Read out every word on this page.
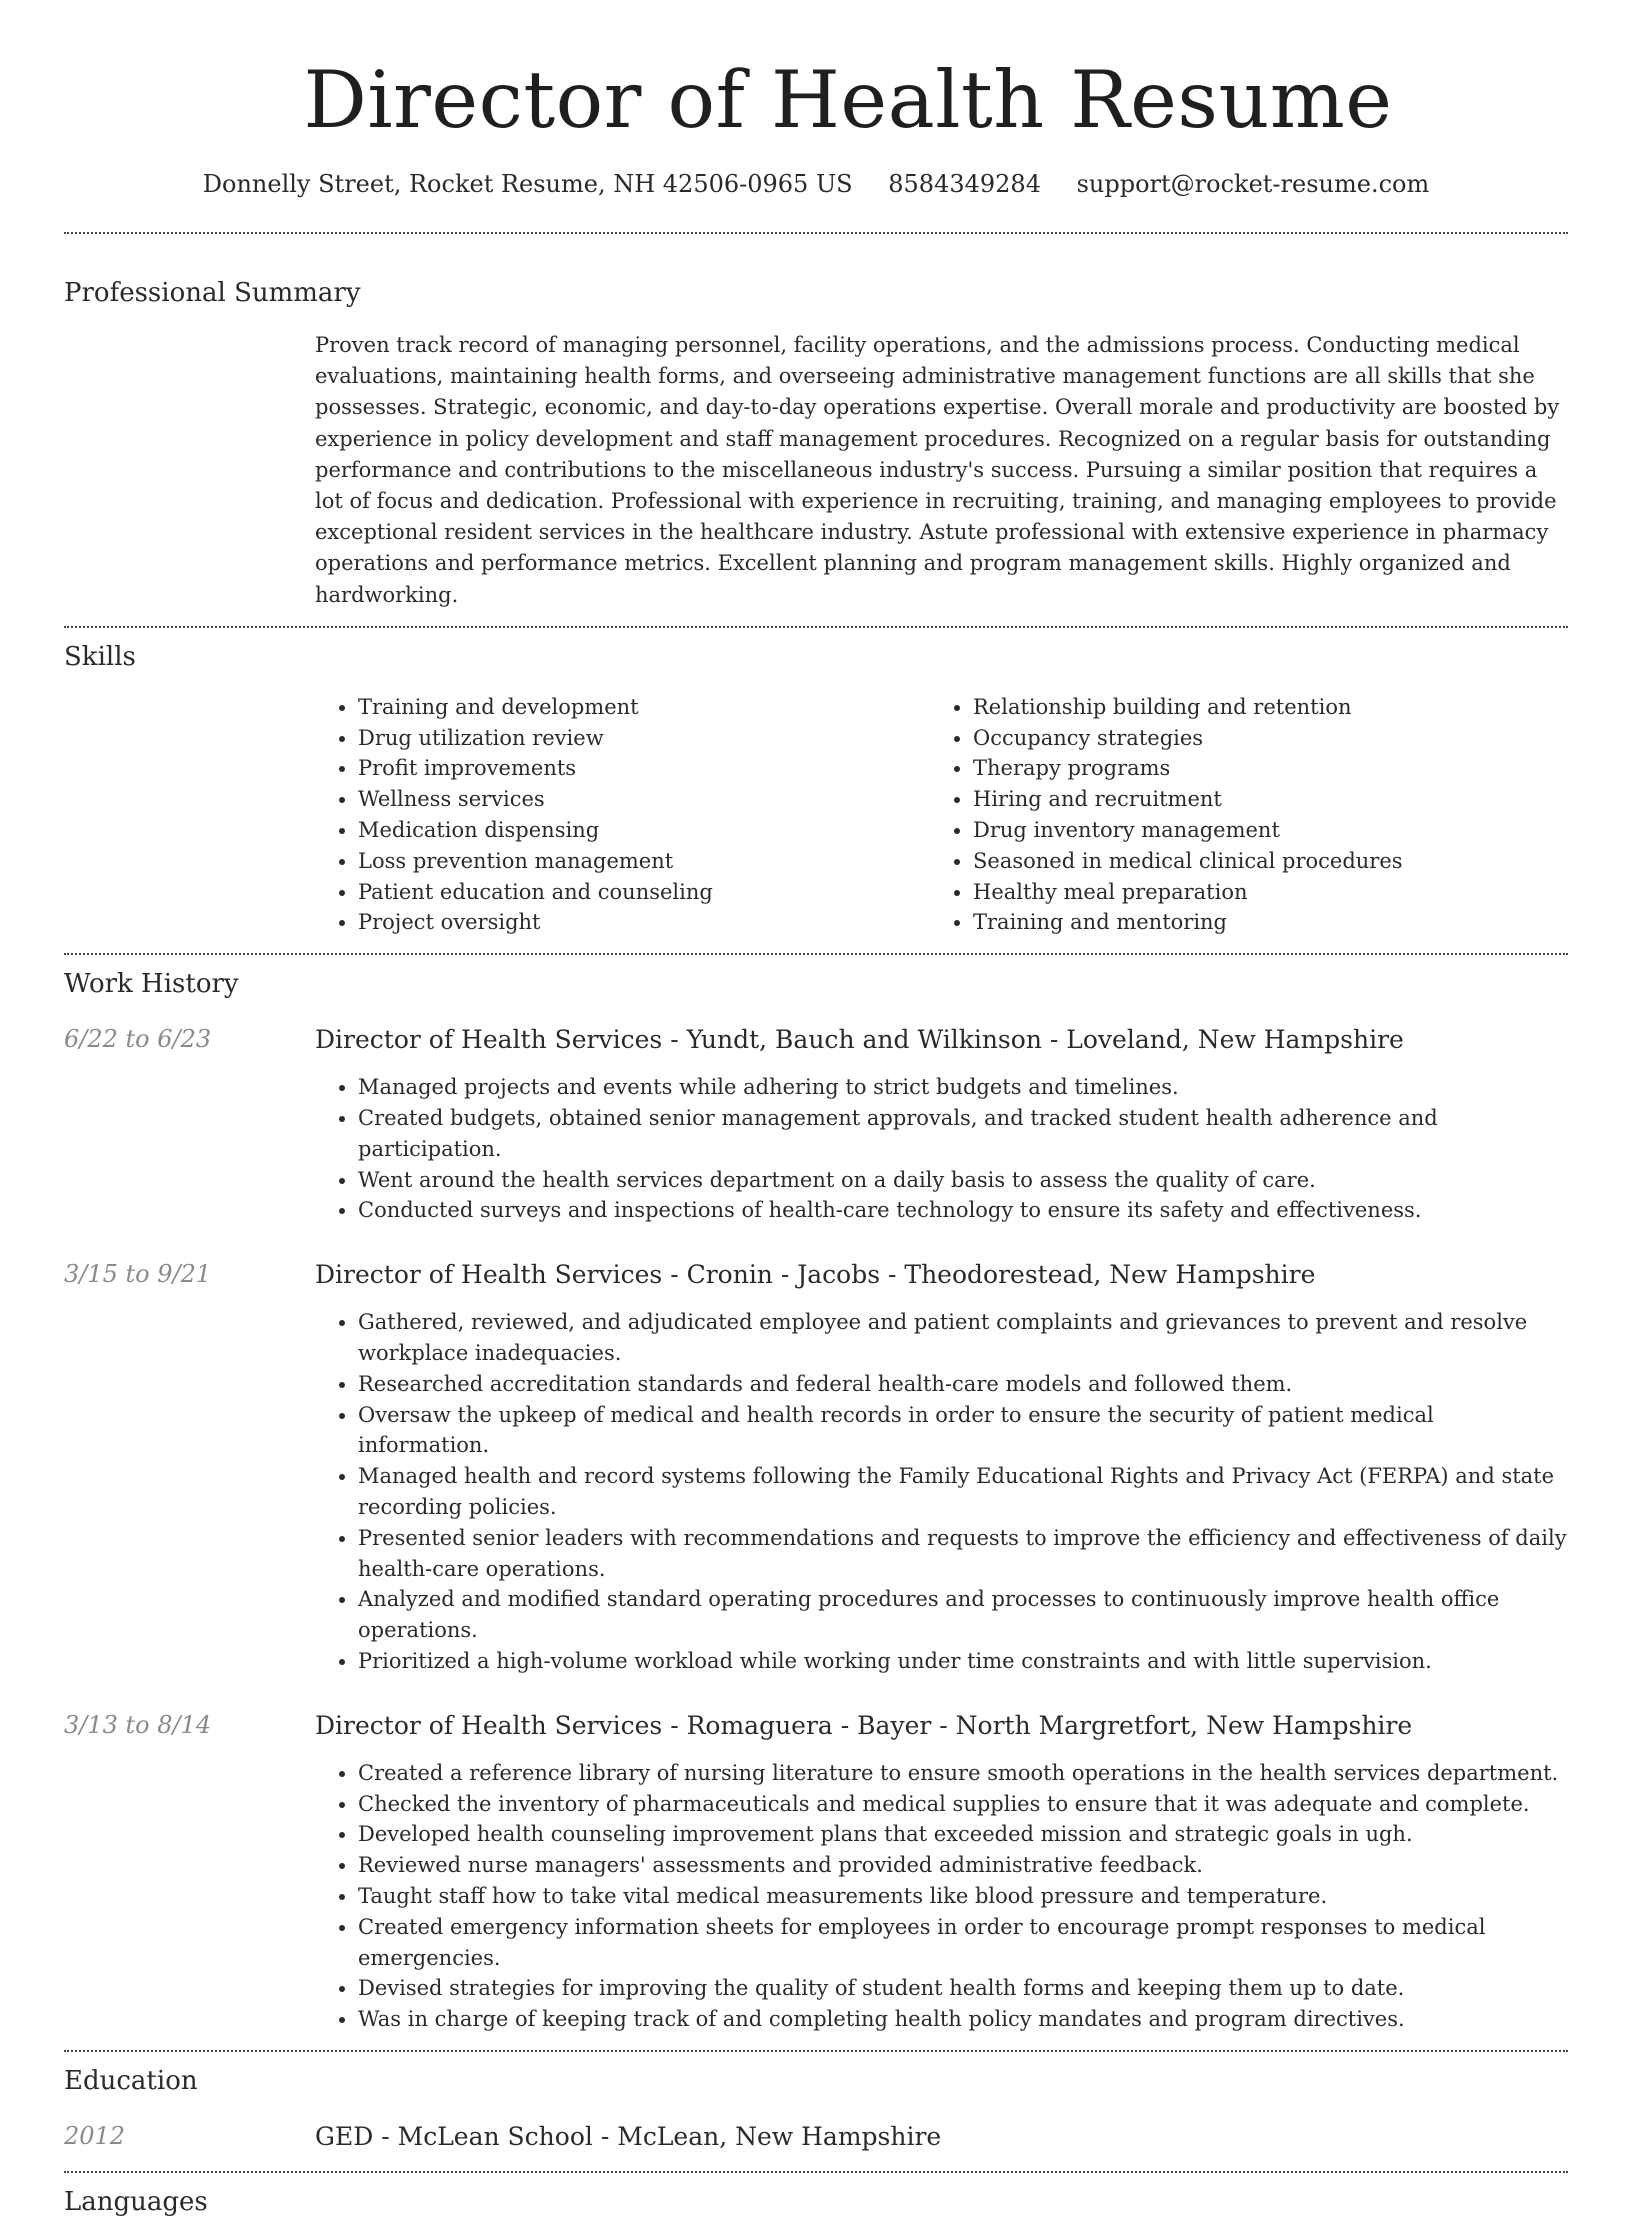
Director of Health Resume
Donnelly Street, Rocket Resume, NH 42506-0965 US 8584349284 support@rocket-resume.com
Professional Summary

Proven track record of managing personnel, facility operations, and the admissions process. Conducting medical evaluations, maintaining health forms, and overseeing administrative management functions are all skills that she possesses. Strategic, economic, and day-to-day operations expertise. Overall morale and productivity are boosted by experience in policy development and staff management procedures. Recognized on a regular basis for outstanding performance and contributions to the miscellaneous industry's success. Pursuing a similar position that requires a lot of focus and dedication. Professional with experience in recruiting, training, and managing employees to provide exceptional resident services in the healthcare industry. Astute professional with extensive experience in pharmacy operations and performance metrics. Excellent planning and program management skills. Highly organized and hardworking.

Skills
• Training and development
• Drug utilization review
• Profit improvements
• Wellness services
• Medication dispensing
• Loss prevention management
• Patient education and counseling
• Project oversight
• Relationship building and retention
• Occupancy strategies
• Therapy programs
• Hiring and recruitment
• Drug inventory management
• Seasoned in medical clinical procedures
• Healthy meal preparation
• Training and mentoring
Work History
6/22 to 6/23	Director of Health Services - Yundt, Bauch and Wilkinson - Loveland, New Hampshire
• Managed projects and events while adhering to strict budgets and timelines.
• Created budgets, obtained senior management approvals, and tracked student health adherence and participation.
• Went around the health services department on a daily basis to assess the quality of care.
• Conducted surveys and inspections of health-care technology to ensure its safety and effectiveness.
3/15 to 9/21	Director of Health Services - Cronin - Jacobs - Theodorestead, New Hampshire
• Gathered, reviewed, and adjudicated employee and patient complaints and grievances to prevent and resolve workplace inadequacies.
• Researched accreditation standards and federal health-care models and followed them.
• Oversaw the upkeep of medical and health records in order to ensure the security of patient medical information.
• Managed health and record systems following the Family Educational Rights and Privacy Act (FERPA) and state recording policies.
• Presented senior leaders with recommendations and requests to improve the efficiency and effectiveness of daily health-care operations.
• Analyzed and modified standard operating procedures and processes to continuously improve health office operations.
• Prioritized a high-volume workload while working under time constraints and with little supervision.
3/13 to 8/14	Director of Health Services - Romaguera - Bayer - North Margretfort, New Hampshire
• Created a reference library of nursing literature to ensure smooth operations in the health services department.
• Checked the inventory of pharmaceuticals and medical supplies to ensure that it was adequate and complete.
• Developed health counseling improvement plans that exceeded mission and strategic goals in ugh.
• Reviewed nurse managers' assessments and provided administrative feedback.
• Taught staff how to take vital medical measurements like blood pressure and temperature.
• Created emergency information sheets for employees in order to encourage prompt responses to medical emergencies.
• Devised strategies for improving the quality of student health forms and keeping them up to date.
• Was in charge of keeping track of and completing health policy mandates and program directives.
Education
2012	GED - McLean School - McLean, New Hampshire
Languages
